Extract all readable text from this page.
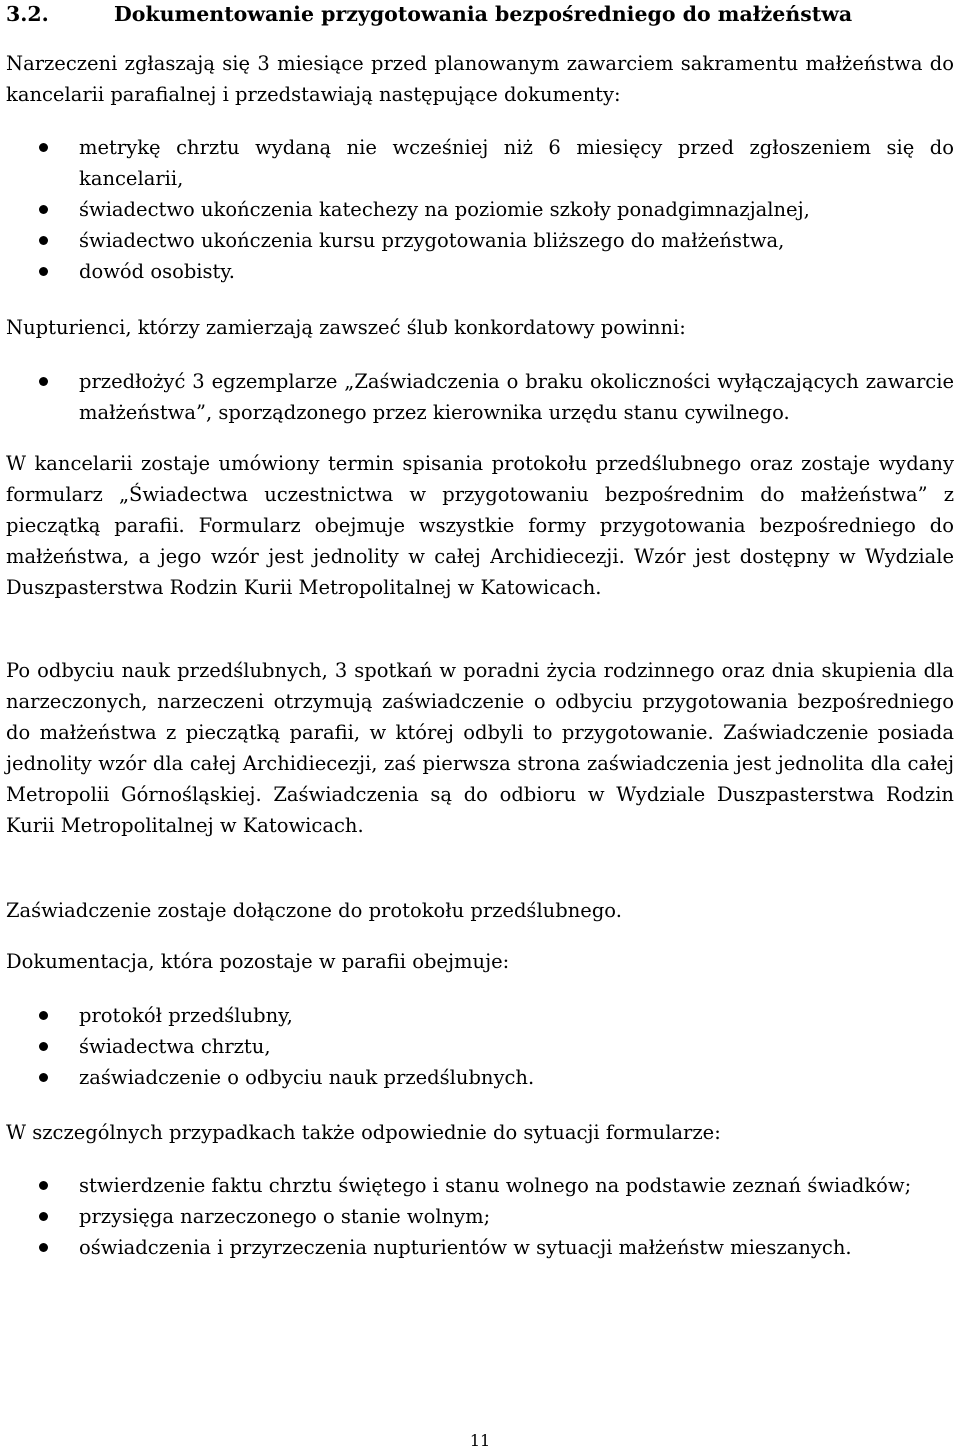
3.2.	Dokumentowanie przygotowania bezpośredniego do małżeństwa

Narzeczeni zgłaszają się 3 miesiące przed planowanym zawarciem sakramentu małżeństwa do kancelarii parafialnej i przedstawiają następujące dokumenty:

metrykę chrztu wydaną nie wcześniej niż 6 miesięcy przed zgłoszeniem się do kancelarii,
świadectwo ukończenia katechezy na poziomie szkoły ponadgimnazjalnej,
świadectwo ukończenia kursu przygotowania bliższego do małżeństwa,
dowód osobisty.

Nupturienci, którzy zamierzają zawszeć ślub konkordatowy powinni:

przedłożyć 3 egzemplarze „Zaświadczenia o braku okoliczności wyłączających zawarcie małżeństwa”, sporządzonego przez kierownika urzędu stanu cywilnego.

W kancelarii zostaje umówiony termin spisania protokołu przedślubnego oraz zostaje wydany formularz „Świadectwa uczestnictwa w przygotowaniu bezpośrednim do małżeństwa” z pieczątką parafii. Formularz obejmuje wszystkie formy przygotowania bezpośredniego do małżeństwa, a jego wzór jest jednolity w całej Archidiecezji. Wzór jest dostępny w Wydziale Duszpasterstwa Rodzin Kurii Metropolitalnej w Katowicach.

Po odbyciu nauk przedślubnych, 3 spotkań w poradni życia rodzinnego oraz dnia skupienia dla narzeczonych, narzeczeni otrzymują zaświadczenie o odbyciu przygotowania bezpośredniego do małżeństwa z pieczątką parafii, w której odbyli to przygotowanie. Zaświadczenie posiada jednolity wzór dla całej Archidiecezji, zaś pierwsza strona zaświadczenia jest jednolita dla całej Metropolii Górnośląskiej. Zaświadczenia są do odbioru w Wydziale Duszpasterstwa Rodzin Kurii Metropolitalnej w Katowicach.

Zaświadczenie zostaje dołączone do protokołu przedślubnego.

Dokumentacja, która pozostaje w parafii obejmuje:

protokół przedślubny,
świadectwa chrztu,
zaświadczenie o odbyciu nauk przedślubnych.

W szczególnych przypadkach także odpowiednie do sytuacji formularze:

stwierdzenie faktu chrztu świętego i stanu wolnego na podstawie zeznań świadków;
przysięga narzeczonego o stanie wolnym;
oświadczenia i przyrzeczenia nupturientów w sytuacji małżeństw mieszanych.
11
